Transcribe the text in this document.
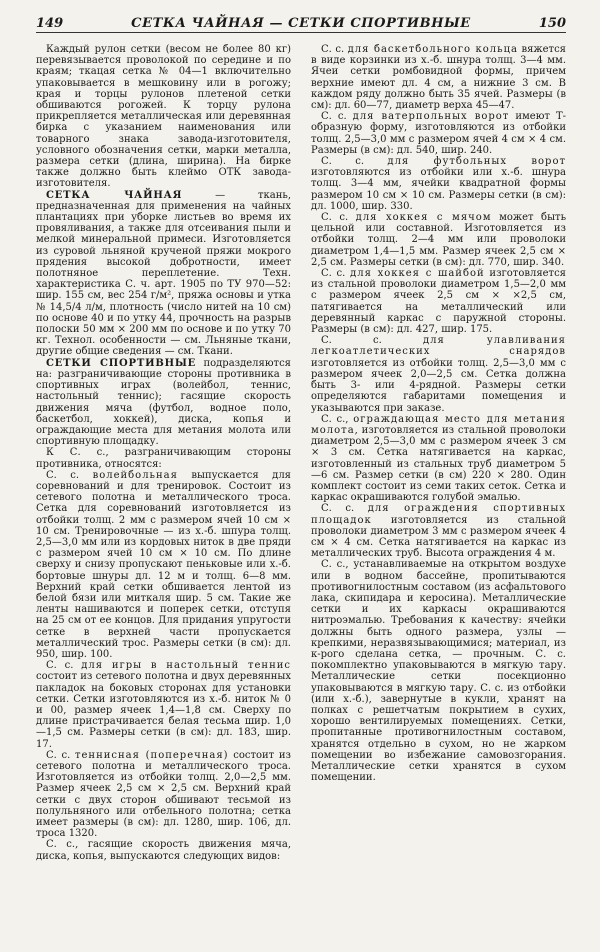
149	СЕТКА ЧАЙНАЯ — СЕТКИ СПОРТИВНЫЕ	150

Каждый рулон сетки (весом не более 80 кг) перевязывается проволокой по середине и по краям; ткацая сетка № 04—1 включительно упаковывается в мешковину или в рогожу; края и торцы рулонов плетеной сетки обшиваются рогожей. К торцу рулона прикрепляется металлическая или деревянная бирка с указанием наименования или товарного знака завода-изготовителя, условного обозначения сетки, марки металла, размера сетки (длина, ширина). На бирке также должно быть клеймо ОТК завода-изготовителя.

СЕТКА ЧАЙНАЯ — ткань, предназначенная для применения на чайных плантациях при уборке листьев во время их провяливания, а также для отсеивания пыли и мелкой минеральной примеси. Изготовляется из суровой льняной крученой пряжи мокрого прядения высокой добротности, имеет полотняное переплетение. Техн. характеристика С. ч. арт. 1905 по ТУ 970—52: шир. 155 см, вес 254 г/м², пряжа основы и утка № 14,5/4 л/м, плотность (число нитей на 10 см) по основе 40 и по утку 44, прочность на разрыв полоски 50 мм × 200 мм по основе и по утку 70 кг. Технол. особенности — см. Льняные ткани, другие общие сведения — см. Ткани.

СЕТКИ СПОРТИВНЫЕ подразделяются на: разграничивающие стороны противника в спортивных играх (волейбол, теннис, настольный теннис); гасящие скорость движения мяча (футбол, водное поло, баскетбол, хоккей), диска, копья и ограждающие места для метания молота или спортивную площадку.

К С. с., разграничивающим стороны противника, относятся:

С. с. волейбольная выпускается для соревнований и для тренировок. Состоит из сетевого полотна и металлического троса. Сетка для соревнований изготовляется из отбойки толщ. 2 мм с размером ячей 10 см × 10 см. Тренировочные — из х.-б. шпура толщ. 2,5—3,0 мм или из кордовых ниток в две пряди с размером ячей 10 см × 10 см. По длине сверху и снизу пропускают пеньковые или х.-б. бортовые шнуры дл. 12 м и толщ. 6—8 мм. Верхний край сетки обшивается лентой из белой бязи или миткаля шир. 5 см. Такие же ленты нашиваются и поперек сетки, отступя на 25 см от ее концов. Для придания упругости сетке в верхней части пропускается металлический трос. Размеры сетки (в см): дл. 950, шир. 100.

С. с. для игры в настольный теннис состоит из сетевого полотна и двух деревянных пакладок на боковых сторонах для установки сетки. Сетки изготовляются из х.-б. ниток № 0 и 00, размер ячеек 1,4—1,8 см. Сверху по длине пристрачивается белая тесьма шир. 1,0—1,5 см. Размеры сетки (в см): дл. 183, шир. 17.

С. с. теннисная (поперечная) состоит из сетевого полотна и металлического троса. Изготовляется из отбойки толщ. 2,0—2,5 мм. Размер ячеек 2,5 см × 2,5 см. Верхний край сетки с двух сторон обшивают тесьмой из полульняного или отбельного полотна; сетка имеет размеры (в см): дл. 1280, шир. 106, дл. троса 1320.

С. с., гасящие скорость движения мяча, диска, копья, выпускаются следующих видов:

С. с. для баскетбольного кольца вяжется в виде корзинки из х.-б. шнура толщ. 3—4 мм. Ячеи сетки ромбовидной формы, причем верхние имеют дл. 4 см, а нижние 3 см. В каждом ряду должно быть 35 ячей. Размеры (в см): дл. 60—77, диаметр верха 45—47.

С. с. для ватерпольных ворот имеют Т-образную форму, изготовляются из отбойки толщ. 2,5—3,0 мм с размером ячей 4 см × 4 см. Размеры (в см): дл. 540, шир. 240.

С. с. для футбольных ворот изготовляются из отбойки или х.-б. шнура толщ. 3—4 мм, ячейки квадратной формы размером 10 см × 10 см. Размеры сетки (в см): дл. 1000, шир. 330.

С. с. для хоккея с мячом может быть цельной или составной. Изготовляется из отбойки толщ. 2—4 мм или проволоки диаметром 1,4—1,5 мм. Размер ячеек 2,5 см × 2,5 см. Размеры сетки (в см): дл. 770, шир. 340.

С. с. для хоккея с шайбой изготовляется из стальной проволоки диаметром 1,5—2,0 мм с размером ячеек 2,5 см × ×2,5 см, патягивается на металлический или деревянный каркас с паружной стороны. Размеры (в см): дл. 427, шир. 175.

С. с. для улавливания легкоатлетических снарядов изготовляется из отбойки толщ. 2,5—3,0 мм с размером ячеек 2,0—2,5 см. Сетка должна быть 3- или 4-рядной. Размеры сетки определяются габаритами помещения и указываются при заказе.

С. с., ограждающая место для метания молота, изготовляется из стальной проволоки диаметром 2,5—3,0 мм с размером ячеек 3 см × 3 см. Сетка натягивается на каркас, изготовленный из стальных труб диаметром 5—6 см. Размер сетки (в см) 220 × 280. Один комплект состоит из семи таких сеток. Сетка и каркас окрашиваются голубой эмалью.

С. с. для ограждения спортивных площадок изготовляется из стальной проволоки диаметром 3 мм с размером ячеек 4 см × 4 см. Сетка натягивается на каркас из металлических труб. Высота ограждения 4 м.

С. с., устанавливаемые на открытом воздухе или в водном бассейне, пропитываются противогнилостным составом (из асфальтового лака, скипидара и керосина). Металлические сетки и их каркасы окрашиваются нитроэмалью. Требования к качеству: ячейки должны быть одного размера, узлы — крепкими, неразвязывающимися; материал, из к-рого сделана сетка, — прочным. С. с. покомплектно упаковываются в мягкую тару. Металлические сетки посекционно упаковываются в мягкую тару. С. с. из отбойки (или х.-б.), завернутые в кукли, хранят на полках с решетчатым покрытием в сухих, хорошо вентилируемых помещениях. Сетки, пропитанные противогнилостным составом, хранятся отдельно в сухом, но не жарком помещении во избежание самовозгорания. Металлические сетки хранятся в сухом помещении.
